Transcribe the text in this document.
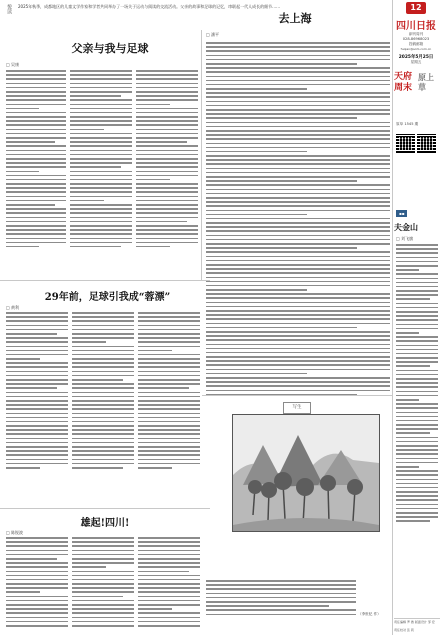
悦读 2025年秋季，成都地区的儿童文学作家和学者共同举办了一场关于运动与阅读的交流活动。父亲的故事和足球的记忆，串联起一代人成长的细节……
父亲与我与足球
□ 吴康
去上海
□ 潘平
12
四川日报
副刊周刊
028-86968023
投稿邮箱
fuqian@scrb.com.cn
2025年5月25日
星期五
天府周末
原上草
原草 1545 期
29年前，足球引我成“蓉漂”
□ 黄利
雄起!四川!
□ 陈锐波
写生
（李世纪 作）
▪▪
夫金山
□ 刘飞旗
责任编辑 罗 傲 版面设计 邹 宏
责任校对 张 莉
